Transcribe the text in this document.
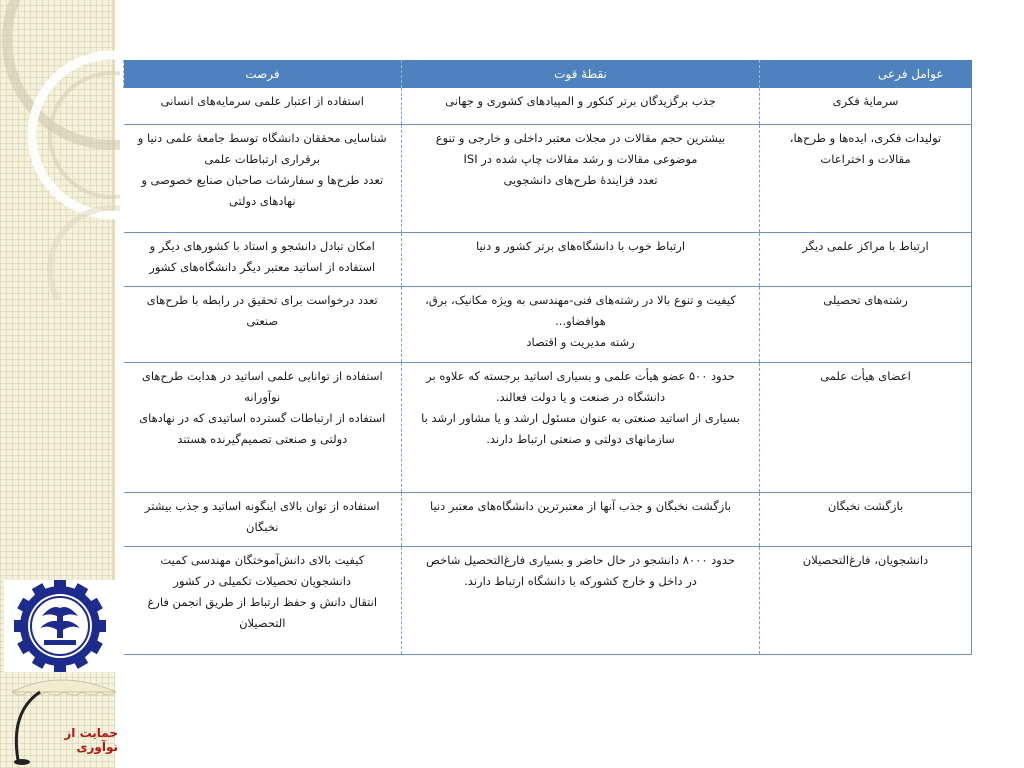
حمایت از نوآوری
عوامل فرعی	نقطهٔ قوت	فرصت

سرمایهٔ فکری	جذب برگزیدگان برتر کنکور و المپیادهای کشوری و جهانی	استفاده از اعتبار علمی سرمایه‌های انسانی

تولیدات فکری، ایده‌ها و طرح‌ها،
مقالات و اختراعات	بیشترین حجم مقالات در مجلات معتبر داخلی و خارجی و تنوع
موضوعی مقالات و رشد مقالات چاپ شده در ISI
تعدد فزایندهٔ طرح‌های دانشجویی	شناسایی محققان دانشگاه توسط جامعهٔ علمی دنیا و
برقراری ارتباطات علمی
تعدد طرح‌ها و سفارشات صاحبان صنایع خصوصی و
نهادهای دولتی

ارتباط با مراکز علمی دیگر	ارتباط خوب با دانشگاه‌های برتر کشور و دنیا	امکان تبادل دانشجو و استاد با کشورهای دیگر و
استفاده از اساتید معتبر دیگر دانشگاه‌های کشور

رشته‌های تحصیلی	کیفیت و تنوع بالا در رشته‌های فنی-مهندسی به ویژه مکانیک، برق،
هوافضاو...
رشته مدیریت و اقتصاد	تعدد درخواست برای تحقیق در رابطه با طرح‌های
صنعتی

اعضای هیأت علمی	حدود ۵۰۰ عضو هیأت علمی و بسیاری اساتید برجسته که علاوه بر
دانشگاه در صنعت و یا دولت فعالند.
بسیاری از اساتید صنعتی به عنوان مسئول ارشد و یا مشاور ارشد با
سازمانهای دولتی و صنعتی ارتباط دارند.	استفاده از توانایی علمی اساتید در هدایت طرح‌های
نوآورانه
استفاده از ارتباطات گسترده اساتیدی که در نهادهای
دولتی و صنعتی تصمیم‌گیرنده هستند

بازگشت نخبگان	بازگشت نخبگان و جذب آنها از معتبرترین دانشگاه‌های معتبر دنیا	استفاده از توان بالای اینگونه اساتید و جذب بیشتر
نخبگان

دانشجویان، فارغ‌التحصیلان	حدود ۸۰۰۰ دانشجو در حال حاضر و بسیاری فارغ‌التحصیل شاخص
در داخل و خارج کشورکه با دانشگاه ارتباط دارند.	کیفیت بالای دانش‌آموختگان مهندسی کمیت
دانشجویان تحصیلات تکمیلی در کشور
انتقال دانش و حفظ ارتباط از طریق انجمن فارغ
التحصیلان
